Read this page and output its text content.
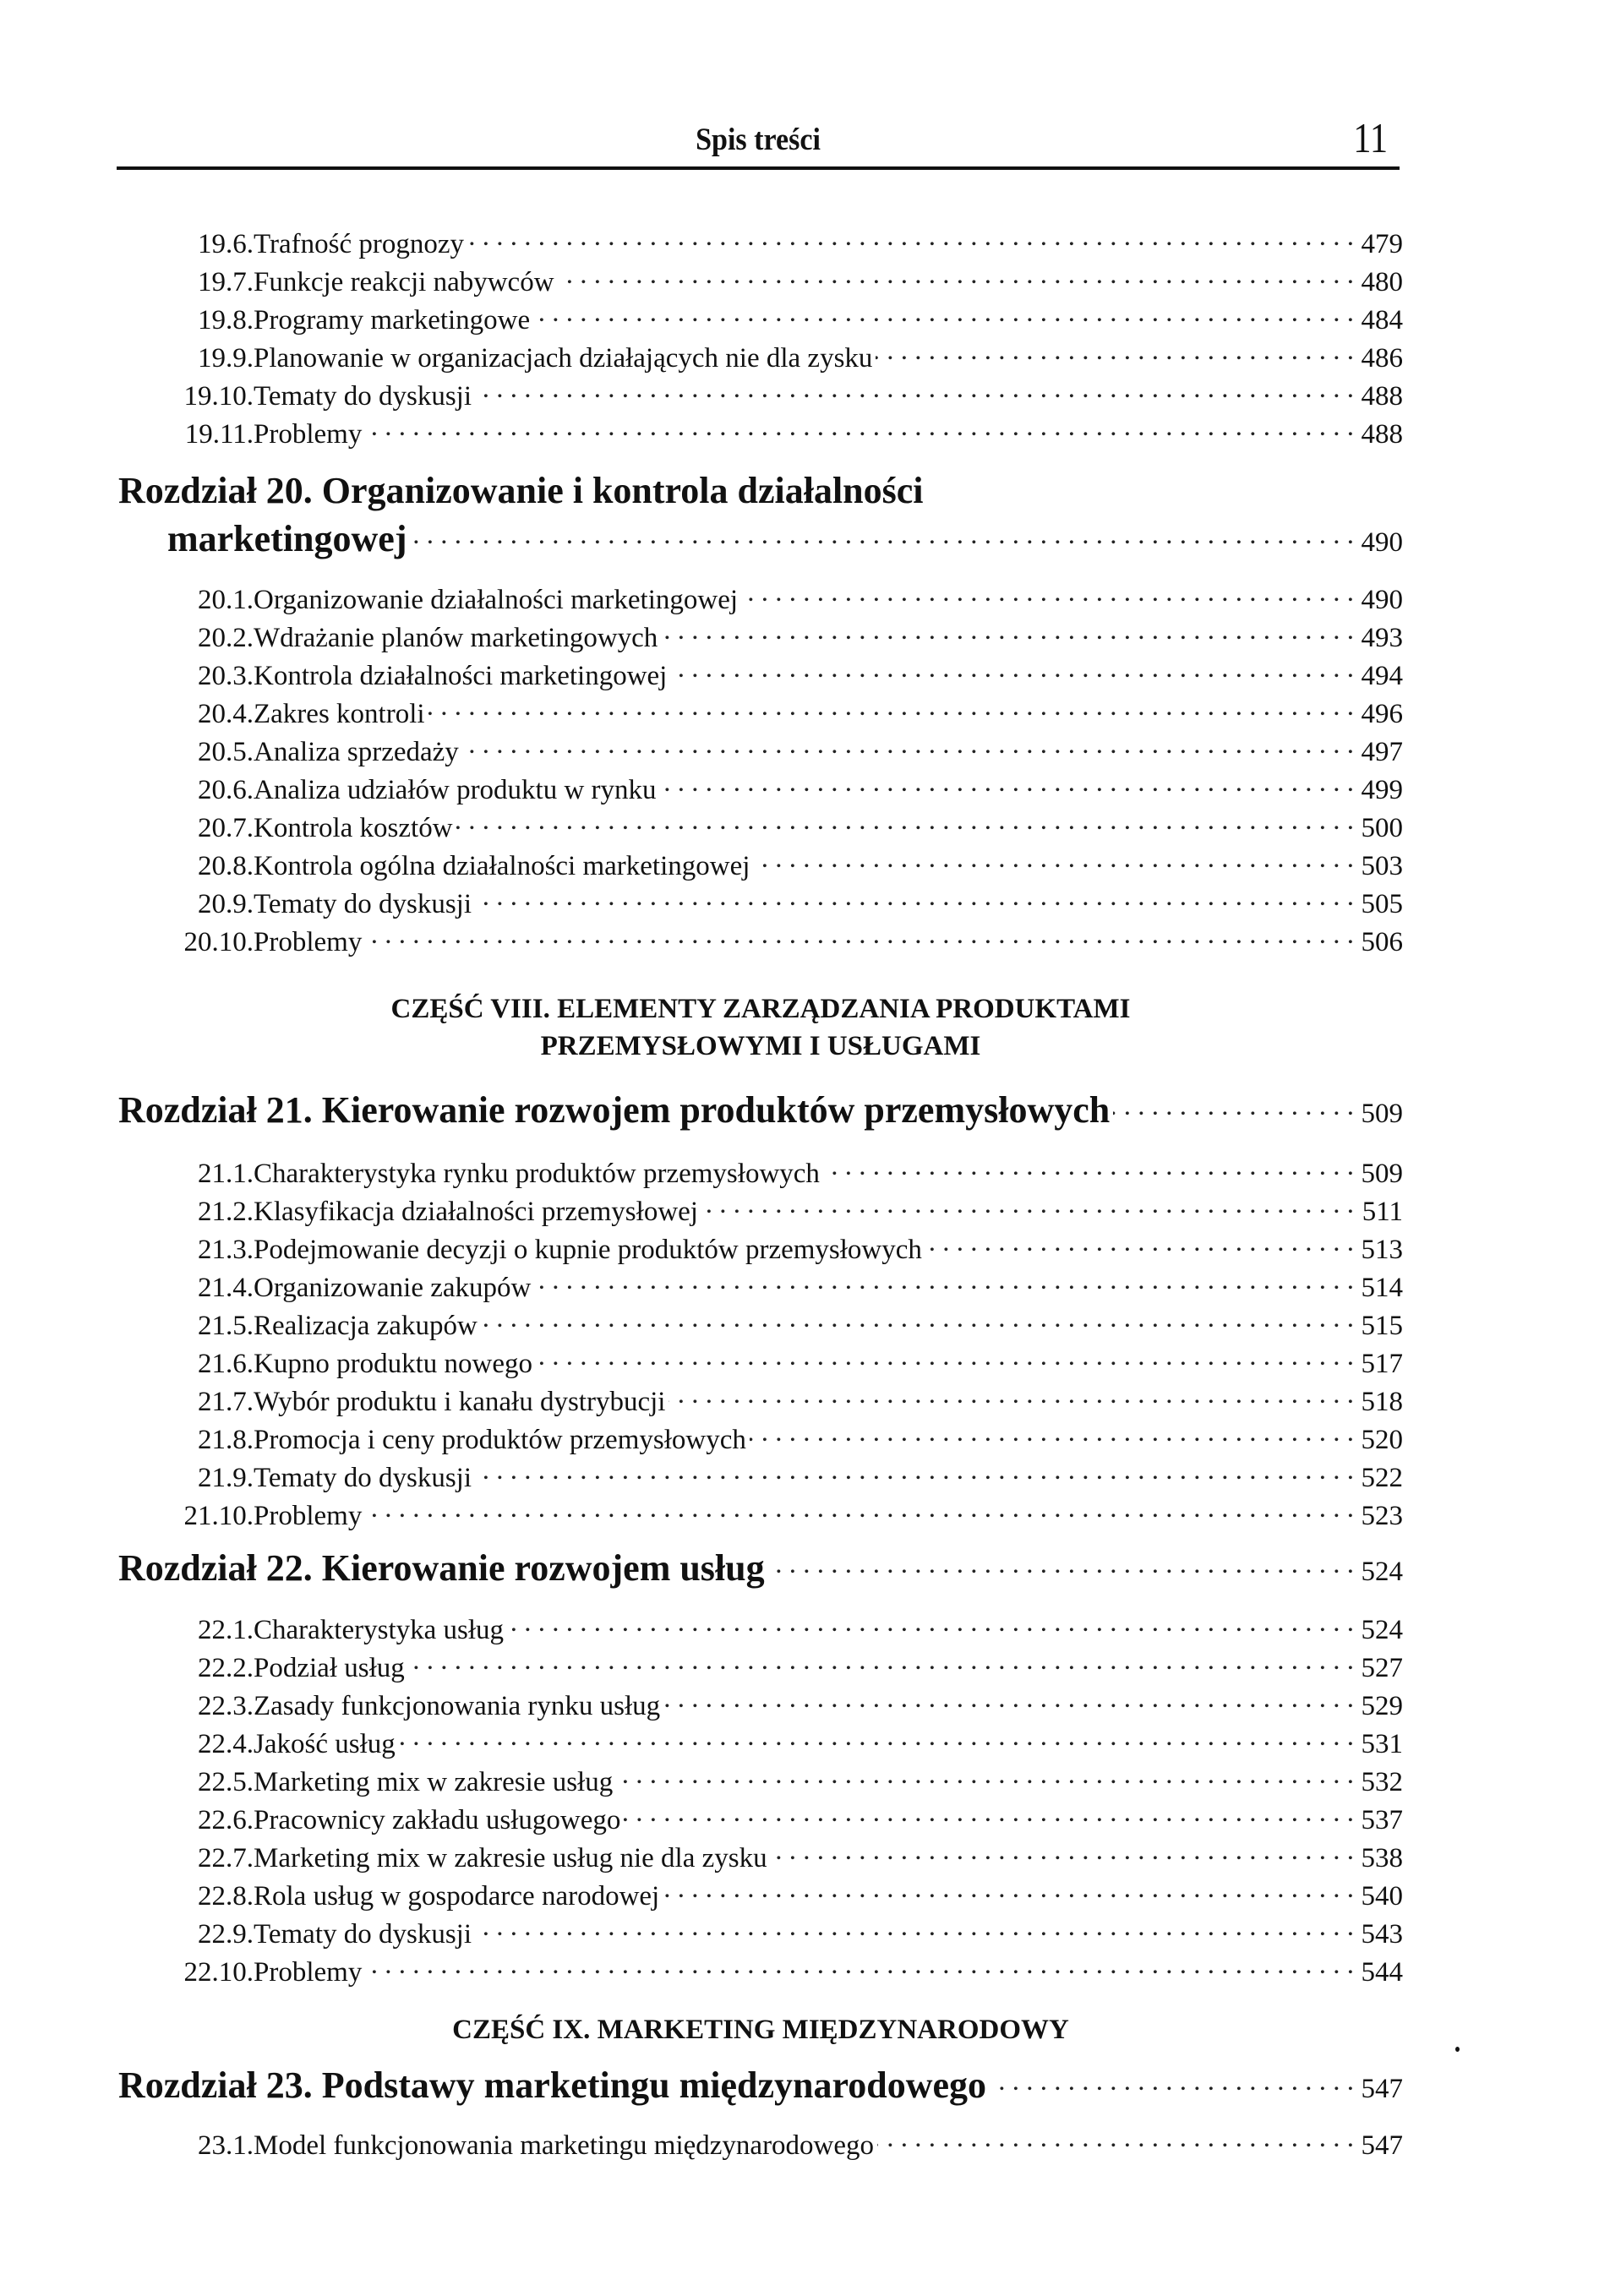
Spis treści	11
19.6. Trafność prognozy . . .	479
19.7. Funkcje reakcji nabywców . . .	480
19.8. Programy marketingowe . . .	484
19.9. Planowanie w organizacjach działających nie dla zysku . . .	486
19.10. Tematy do dyskusji . . .	488
19.11. Problemy . . .	488
Rozdział 20. Organizowanie i kontrola działalności
marketingowej . . .	490
20.1. Organizowanie działalności marketingowej . . .	490
20.2. Wdrażanie planów marketingowych . . .	493
20.3. Kontrola działalności marketingowej . . .	494
20.4. Zakres kontroli . . .	496
20.5. Analiza sprzedaży . . .	497
20.6. Analiza udziałów produktu w rynku . . .	499
20.7. Kontrola kosztów . . .	500
20.8. Kontrola ogólna działalności marketingowej . . .	503
20.9. Tematy do dyskusji . . .	505
20.10. Problemy . . .	506
CZĘŚĆ VIII. ELEMENTY ZARZĄDZANIA PRODUKTAMI
PRZEMYSŁOWYMI I USŁUGAMI
Rozdział 21. Kierowanie rozwojem produktów przemysłowych . . .	509
21.1. Charakterystyka rynku produktów przemysłowych . . .	509
21.2. Klasyfikacja działalności przemysłowej . . .	511
21.3. Podejmowanie decyzji o kupnie produktów przemysłowych . . .	513
21.4. Organizowanie zakupów . . .	514
21.5. Realizacja zakupów . . .	515
21.6. Kupno produktu nowego . . .	517
21.7. Wybór produktu i kanału dystrybucji . . .	518
21.8. Promocja i ceny produktów przemysłowych . . .	520
21.9. Tematy do dyskusji . . .	522
21.10. Problemy . . .	523
Rozdział 22. Kierowanie rozwojem usług . . .	524
22.1. Charakterystyka usług . . .	524
22.2. Podział usług . . .	527
22.3. Zasady funkcjonowania rynku usług . . .	529
22.4. Jakość usług . . .	531
22.5. Marketing mix w zakresie usług . . .	532
22.6. Pracownicy zakładu usługowego . . .	537
22.7. Marketing mix w zakresie usług nie dla zysku . . .	538
22.8. Rola usług w gospodarce narodowej . . .	540
22.9. Tematy do dyskusji . . .	543
22.10. Problemy . . .	544
CZĘŚĆ IX. MARKETING MIĘDZYNARODOWY
Rozdział 23. Podstawy marketingu międzynarodowego . . .	547
23.1. Model funkcjonowania marketingu międzynarodowego . . .	547
